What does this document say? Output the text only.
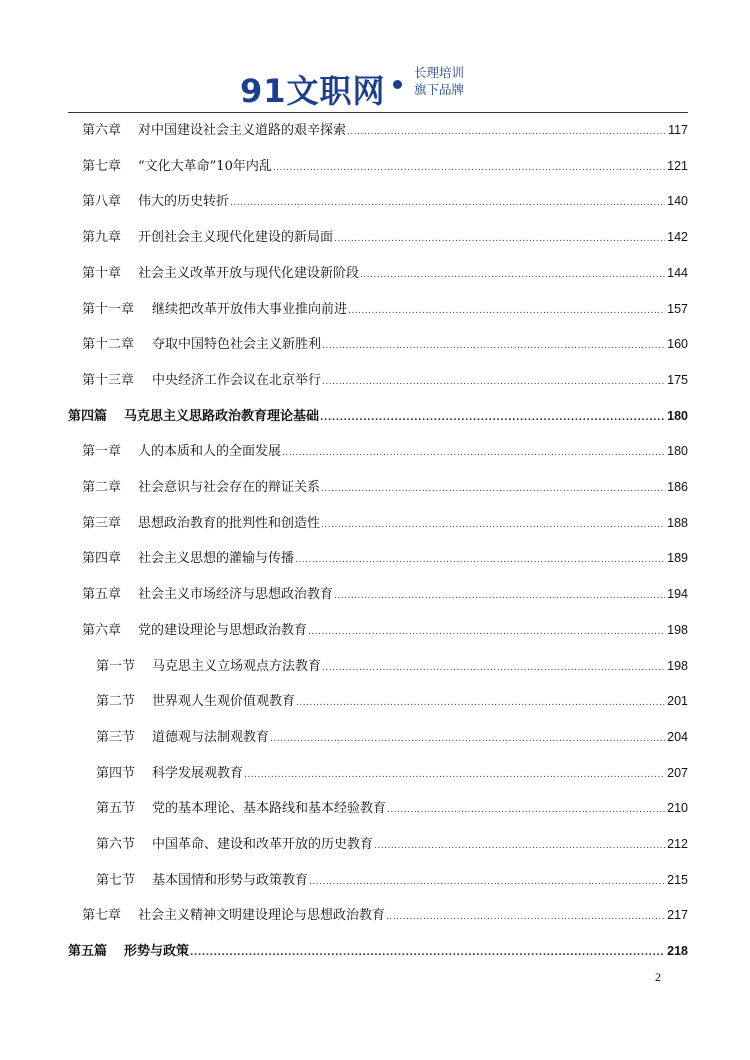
91文职网 长理培训
旗下品牌
第六章	对中国建设社会主义道路的艰辛探索 .....	117
第七章	“文化大革命”10年内乱 .....	121
第八章	伟大的历史转折 .....	140
第九章	开创社会主义现代化建设的新局面 .....	142
第十章	社会主义改革开放与现代化建设新阶段 .....	144
第十一章	继续把改革开放伟大事业推向前进 .....	157
第十二章	夺取中国特色社会主义新胜利 .....	160
第十三章	中央经济工作会议在北京举行 .....	175
第四篇	马克思主义思路政治教育理论基础 .....	180
第一章	人的本质和人的全面发展 .....	180
第二章	社会意识与社会存在的辩证关系 .....	186
第三章	思想政治教育的批判性和创造性 .....	188
第四章	社会主义思想的灌输与传播 .....	189
第五章	社会主义市场经济与思想政治教育 .....	194
第六章	党的建设理论与思想政治教育 .....	198
第一节	马克思主义立场观点方法教育 .....	198
第二节	世界观人生观价值观教育 .....	201
第三节	道德观与法制观教育 .....	204
第四节	科学发展观教育 .....	207
第五节	党的基本理论、基本路线和基本经验教育 .....	210
第六节	中国革命、建设和改革开放的历史教育 .....	212
第七节	基本国情和形势与政策教育 .....	215
第七章	社会主义精神文明建设理论与思想政治教育 .....	217
第五篇	形势与政策 .....	218
2
